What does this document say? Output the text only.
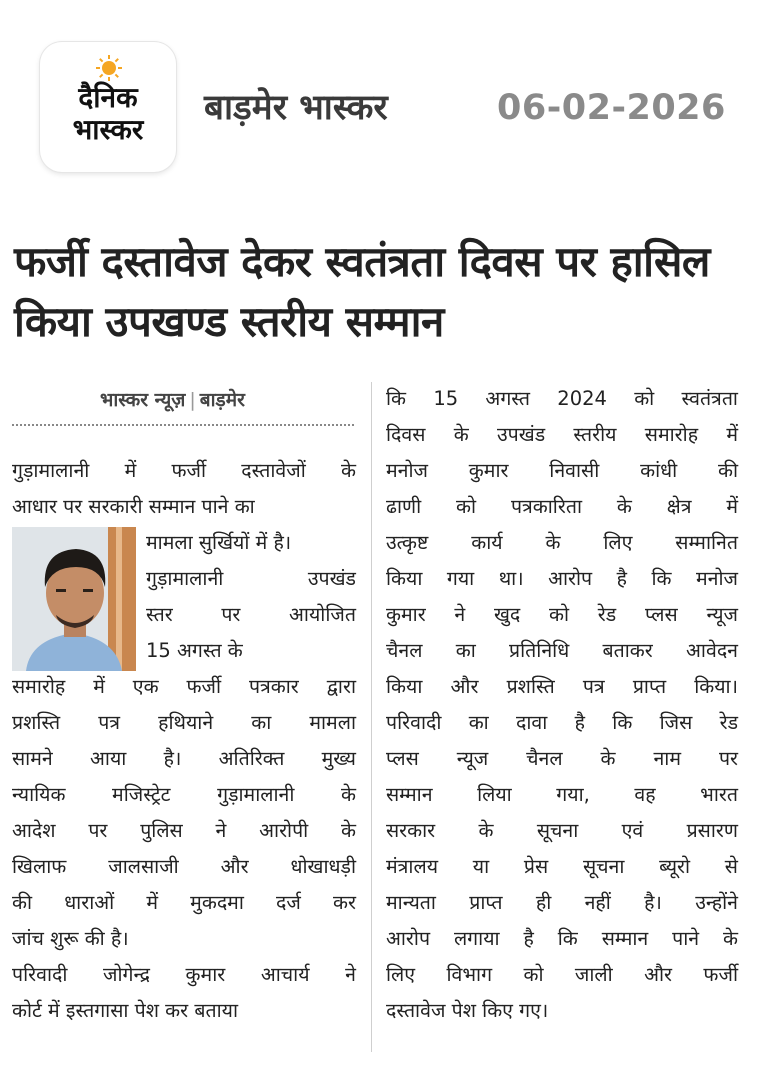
दैनिक
भास्कर
बाड़मेर भास्कर	06-02-2026
फर्जी दस्तावेज देकर स्वतंत्रता दिवस पर हासिल किया उपखण्ड स्तरीय सम्मान
भास्कर न्यूज़ | बाड़मेर
गुड़ामालानी में फर्जी दस्तावेजों के
आधार पर सरकारी सम्मान पाने का
मामला सुर्खियों में है।
गुड़ामालानी उपखंड
स्तर पर आयोजित
15 अगस्त के
समारोह में एक फर्जी पत्रकार द्वारा
प्रशस्ति पत्र हथियाने का मामला
सामने आया है। अतिरिक्त मुख्य
न्यायिक मजिस्ट्रेट गुड़ामालानी के
आदेश पर पुलिस ने आरोपी के
खिलाफ जालसाजी और धोखाधड़ी
की धाराओं में मुकदमा दर्ज कर
जांच शुरू की है।
परिवादी जोगेन्द्र कुमार आचार्य ने
कोर्ट में इस्तगासा पेश कर बताया
कि 15 अगस्त 2024 को स्वतंत्रता
दिवस के उपखंड स्तरीय समारोह में
मनोज कुमार निवासी कांधी की
ढाणी को पत्रकारिता के क्षेत्र में
उत्कृष्ट कार्य के लिए सम्मानित
किया गया था। आरोप है कि मनोज
कुमार ने खुद को रेड प्लस न्यूज
चैनल का प्रतिनिधि बताकर आवेदन
किया और प्रशस्ति पत्र प्राप्त किया।
परिवादी का दावा है कि जिस रेड
प्लस न्यूज चैनल के नाम पर
सम्मान लिया गया, वह भारत
सरकार के सूचना एवं प्रसारण
मंत्रालय या प्रेस सूचना ब्यूरो से
मान्यता प्राप्त ही नहीं है। उन्होंने
आरोप लगाया है कि सम्मान पाने के
लिए विभाग को जाली और फर्जी
दस्तावेज पेश किए गए।
